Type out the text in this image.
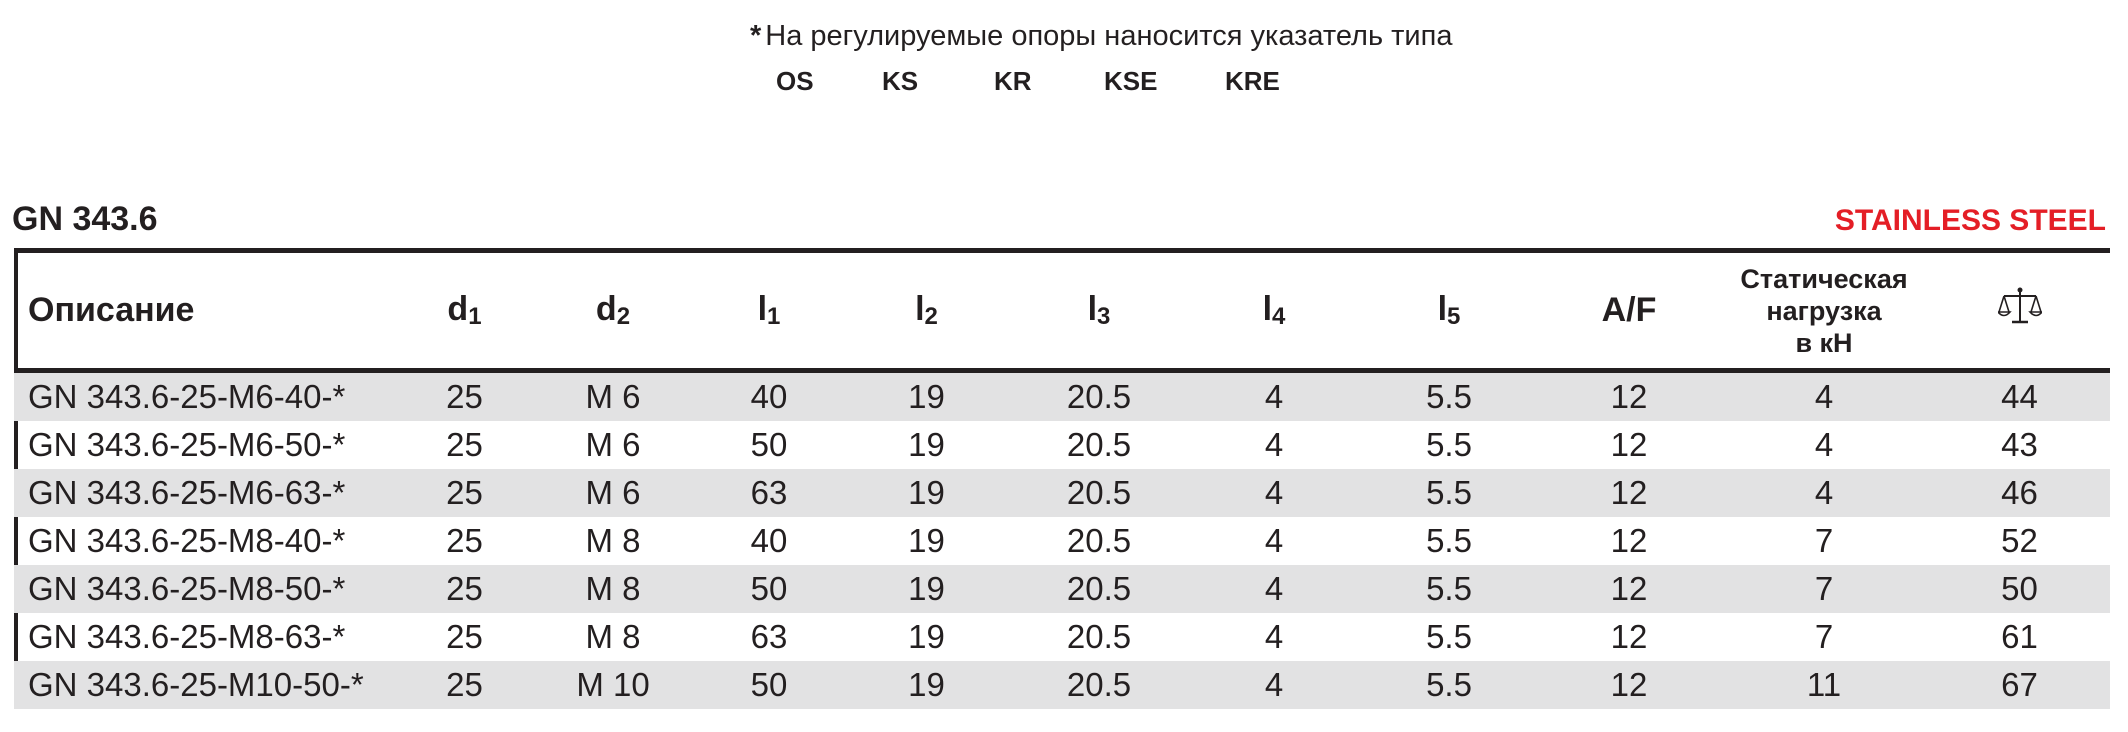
* На регулируемые опоры наносится указатель типа
OS	KS	KR	KSE	KRE
GN 343.6	STAINLESS STEEL
Описание	$d_1$	$d_2$	$l_1$	$l_2$	$l_3$	$l_4$	$l_5$	A/F	Статическая
нагрузка
в кН

GN 343.6-25-M6-40-*	25	M 6	40	19	20.5	4	5.5	12	4	44
GN 343.6-25-M6-50-*	25	M 6	50	19	20.5	4	5.5	12	4	43
GN 343.6-25-M6-63-*	25	M 6	63	19	20.5	4	5.5	12	4	46
GN 343.6-25-M8-40-*	25	M 8	40	19	20.5	4	5.5	12	7	52
GN 343.6-25-M8-50-*	25	M 8	50	19	20.5	4	5.5	12	7	50
GN 343.6-25-M8-63-*	25	M 8	63	19	20.5	4	5.5	12	7	61
GN 343.6-25-M10-50-*	25	M 10	50	19	20.5	4	5.5	12	11	67
